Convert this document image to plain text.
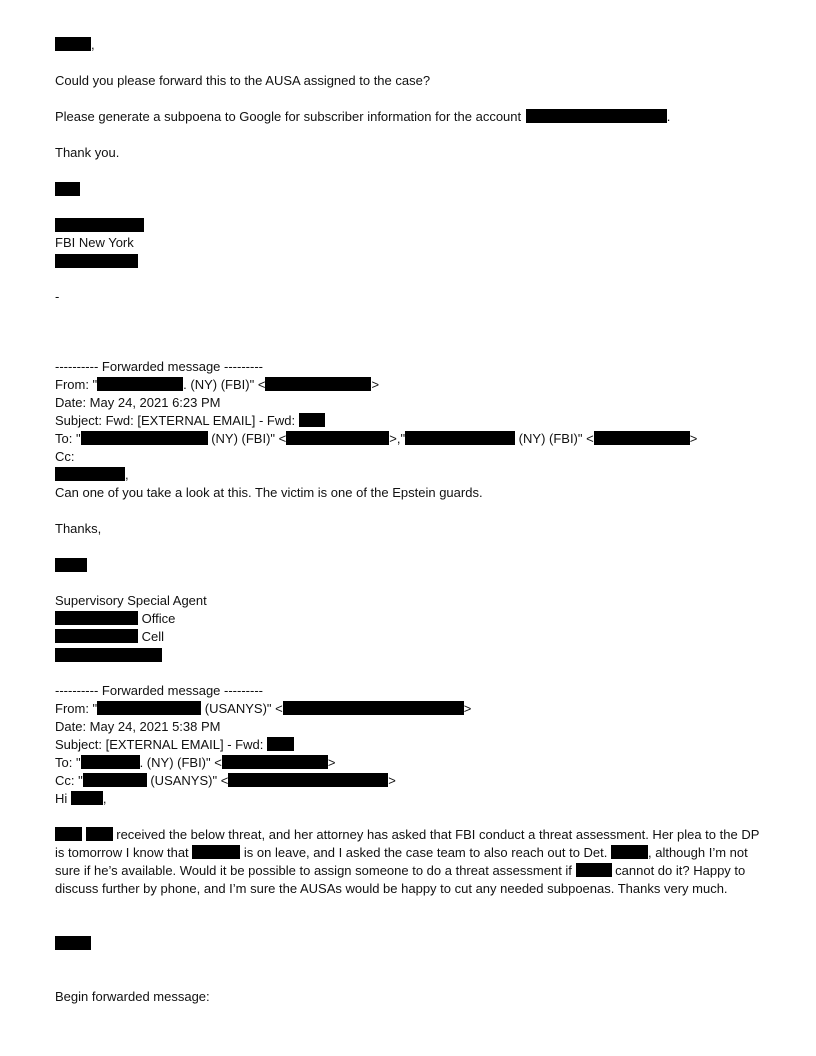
,
Could you please forward this to the AUSA assigned to the case?
Please generate a subpoena to Google for subscriber information for the account	.
Thank you.
FBI New York
-
---------- Forwarded message ---------
From: "	. (NY) (FBI)" <	>
Date: May 24, 2021 6:23 PM
Subject: Fwd: [EXTERNAL EMAIL] - Fwd:
To: "	(NY) (FBI)" <	>,"	(NY) (FBI)" <	>
Cc:
,
Can one of you take a look at this. The victim is one of the Epstein guards.
Thanks,
Supervisory Special Agent
Office
Cell
---------- Forwarded message ---------
From: "	(USANYS)" <	>
Date: May 24, 2021 5:38 PM
Subject: [EXTERNAL EMAIL] - Fwd:
To: "	. (NY) (FBI)" <	>
Cc: "	(USANYS)" <	>
Hi	,
received the below threat, and her attorney has asked that FBI conduct a threat assessment. Her plea to the DP is tomorrow I know that	is on leave, and I asked the case team to also reach out to Det.	, although I’m not sure if he’s available. Would it be possible to assign someone to do a threat assessment if	cannot do it? Happy to discuss further by phone, and I’m sure the AUSAs would be happy to cut any needed subpoenas. Thanks very much.
Begin forwarded message:
